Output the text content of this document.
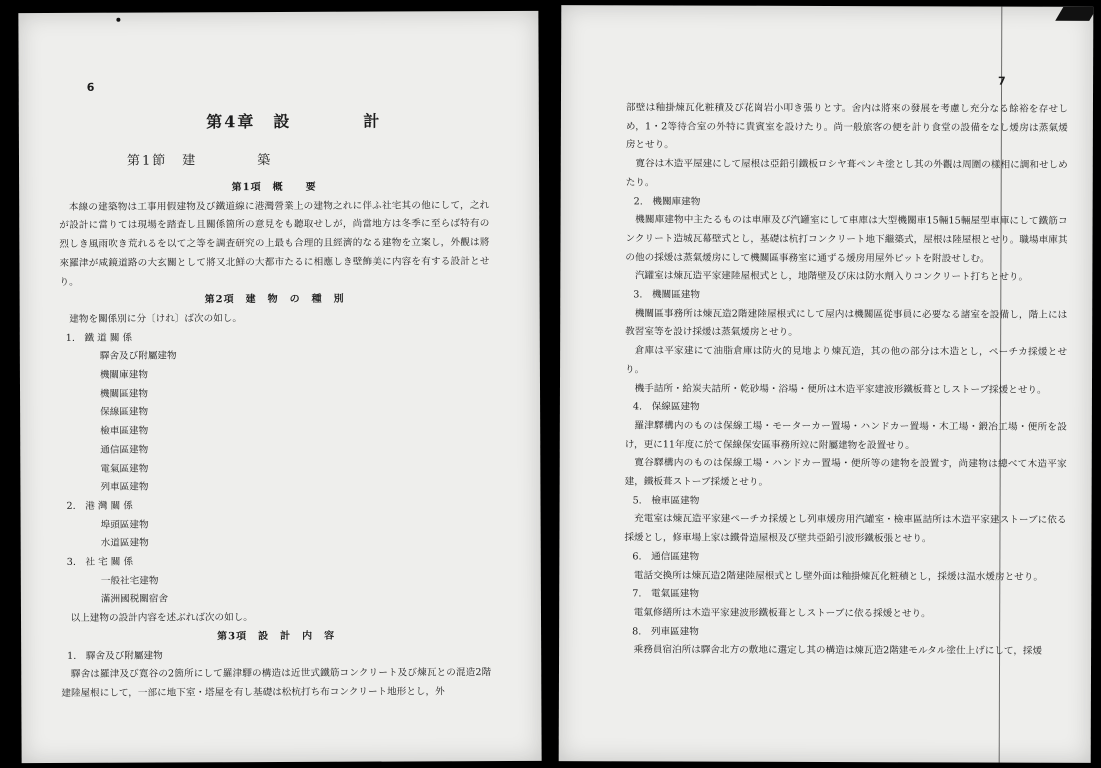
6
第4章　設　　　　計
第1節　建　　　　築
第1項　概　　要
本線の建築物は工事用假建物及び鐵道線に港灣營業上の建物之れに伴ふ社宅其の他にして，之れが設計に當りては現場を踏査し且關係箇所の意見をも聽取せしが，尚當地方は冬季に至らば特有の烈しき風雨吹き荒れるを以て之等を調査研究の上最も合理的且經濟的なる建物を立案し，外觀は將來羅津が咸鏡道路の大玄關として將又北鮮の大都市たるに相應しき壁飾美に内容を有する設計とせり。
第2項　建　物　の　種　別
建物を關係別に分〔けれ〕ば次の如し。
1.　鐵 道 關 係
驛舍及び附屬建物
機關庫建物
機關區建物
保線區建物
檢車區建物
通信區建物
電氣區建物
列車區建物
2.　港 灣 關 係
埠頭區建物
水道區建物
3.　社 宅 關 係
一般社宅建物
滿洲國税關宿舍
以上建物の設計内容を述ぶれば次の如し。
第3項　設　計　内　容
1.　驛舍及び附屬建物
驛舍は羅津及び寛谷の2箇所にして羅津驛の構造は近世式鐵筋コンクリート及び煉瓦との混造2階建陸屋根にして，一部に地下室・塔屋を有し基礎は松杭打ち布コンクリート地形とし，外
7
部壁は釉掛煉瓦化粧積及び花崗岩小叩き張りとす。舍内は將來の發展を考慮し充分なる餘裕を存せしめ，1・2等待合室の外特に貴賓室を設けたり。尚一般旅客の便を計り食堂の設備をなし煖房は蒸氣煖房とせり。
寛谷は木造平屋建にして屋根は亞鉛引鐵板ロシヤ葺ペンキ塗とし其の外觀は周圍の樣相に調和せしめたり。
2.　機關庫建物
機關庫建物中主たるものは車庫及び汽罐室にして車庫は大型機關車15輛15輛屋型車庫にして鐵筋コンクリート造城瓦幕壁式とし，基礎は杭打コンクリート地下繼築式，屋根は陸屋根とせり。職場車庫其の他の採煖は蒸氣煖房にして機關區事務室に通ずる煖房用屋外ピットを附設せしむ。
汽罐室は煉瓦造平家建陸屋根式とし，地階壁及び床は防水劑入りコンクリート打ちとせり。
3.　機關區建物
機關區事務所は煉瓦造2階建陸屋根式にして屋内は機關區從事員に必要なる諸室を設備し，階上には教習室等を設け採煖は蒸氣煖房とせり。
倉庫は平家建にて油脂倉庫は防火的見地より煉瓦造，其の他の部分は木造とし，ペーチカ採煖とせり。
機手詰所・給炭夫詰所・乾砂場・浴場・便所は木造平家建波形鐵板葺としストーブ採煖とせり。
4.　保線區建物
羅津驛構内のものは保線工場・モーターカー置場・ハンドカー置場・木工場・鍛冶工場・便所を設け，更に11年度に於て保線保安區事務所竝に附屬建物を設置せり。
寛谷驛構内のものは保線工場・ハンドカー置場・便所等の建物を設置す，尚建物は總べて木造平家建，鐵板葺ストーブ採煖とせり。
5.　檢車區建物
充電室は煉瓦造平家建ペーチカ採煖とし列車煖房用汽罐室・檢車區詰所は木造平家建ストーブに依る採煖とし，修車場上家は鐵骨造屋根及び壁共亞鉛引波形鐵板張とせり。
6.　通信區建物
電話交換所は煉瓦造2階建陸屋根式とし壁外面は釉掛煉瓦化粧積とし，採煖は温水煖房とせり。
7.　電氣區建物
電氣修繕所は木造平家建波形鐵板葺としストーブに依る採煖とせり。
8.　列車區建物
乘務員宿泊所は驛舍北方の敷地に選定し其の構造は煉瓦造2階建モルタル塗仕上げにして，採煖
